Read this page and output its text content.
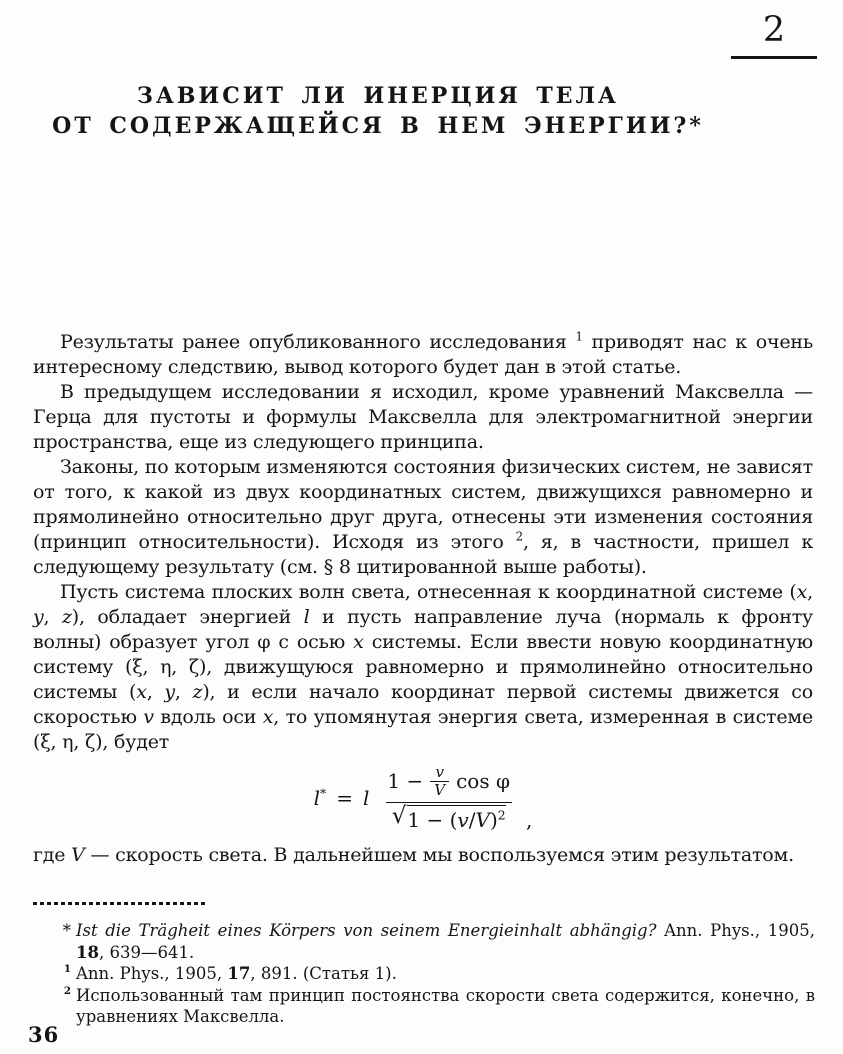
2
ЗАВИСИТ ЛИ ИНЕРЦИЯ ТЕЛА
ОТ СОДЕРЖАЩЕЙСЯ В НЕМ ЭНЕРГИИ?*

Результаты ранее опубликованного исследования $^1$ приводят нас к очень интересному следствию, вывод которого будет дан в этой статье.

В предыдущем исследовании я исходил, кроме уравнений Максвелла — Герца для пустоты и формулы Максвелла для электромагнитной энергии пространства, еще из следующего принципа.

Законы, по которым изменяются состояния физических систем, не зависят от того, к какой из двух координатных систем, движущихся равномерно и прямолинейно относительно друг друга, отнесены эти изменения состояния (принцип относительности). Исходя из этого $^2$, я, в частности, пришел к следующему результату (см. § 8 цитированной выше работы).

Пусть система плоских волн света, отнесенная к координатной системе (x, y, z), обладает энергией l и пусть направление луча (нормаль к фронту волны) образует угол φ с осью x системы. Если ввести новую координатную систему (ξ, η, ζ), движущуюся равномерно и прямолинейно относительно системы (x, y, z), и если начало координат первой системы движется со скоростью v вдоль оси x, то упомянутая энергия света, измеренная в системе (ξ, η, ζ), будет

l* = l
$1 - \frac{v}{V}$ cos φ
√ $1 - (v/V)^2$ ,

где V — скорость света. В дальнейшем мы воспользуемся этим результатом.

* Ist die Trägheit eines Körpers von seinem Energieinhalt abhängig? Ann. Phys., 1905, 18, 639—641.
1 Ann. Phys., 1905, 17, 891. (Статья 1).
2 Использованный там принцип постоянства скорости света содержится, конечно, в уравнениях Максвелла.
36
